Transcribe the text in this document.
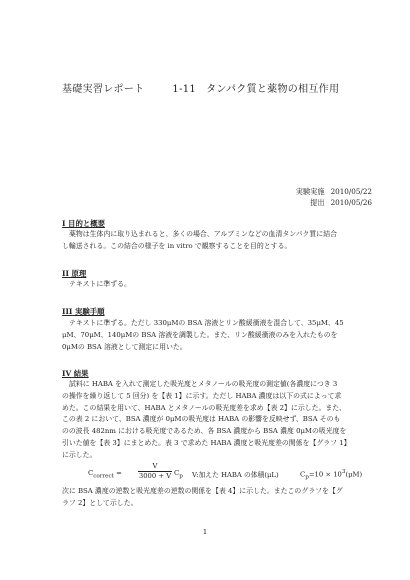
基礎実習レポート	1-11 タンパク質と薬物の相互作用
実験実施 2010/05/22
提出 2010/05/26
I 目的と概要
薬物は生体内に取り込まれると、多くの場合、アルブミンなどの血清タンパク質に結合
し輸送される。この結合の様子を in vitro で観察することを目的とする。
II 原理
テキストに準ずる。
III 実験手順
テキストに準ずる。ただし 330μMの BSA 溶液とリン酸緩衝液を混合して、35μM、45
μM、70μM、140μMの BSA 溶液を調製した。また、リン酸緩衝液のみを入れたものを
0μMの BSA 溶液として測定に用いた。
IV 結果
試料に HABA を入れて測定した吸光度とメタノールの吸光度の測定値(各濃度につき 3
の操作を繰り返して 5 回分) を【表 1】に示す。ただし HABA 濃度は以下の式によって求
めた。この結果を用いて、HABA とメタノールの吸光度差を求め【表 2】に示した。また、
この表 2 において、BSA 濃度が 0μMの吸光度は HABA の影響を反映せず、BSA そのも
のの波長 482nm における吸光度であるため、各 BSA 濃度から BSA 濃度 0μMの吸光度を
引いた値を【表 3】にまとめた。表 3 で求めた HABA 濃度と吸光度差の関係を【グラフ 1】
に示した。
$C_{correct} = \frac{V}{3000 + V} C_p$ V:加えた HABA の体積(μL)	$C_p=10 \times 10^3(\mu M)$
次に BSA 濃度の逆数と吸光度差の逆数の関係を【表 4】に示した。またこのグラフを【グ
ラフ 2】として示した。
1
